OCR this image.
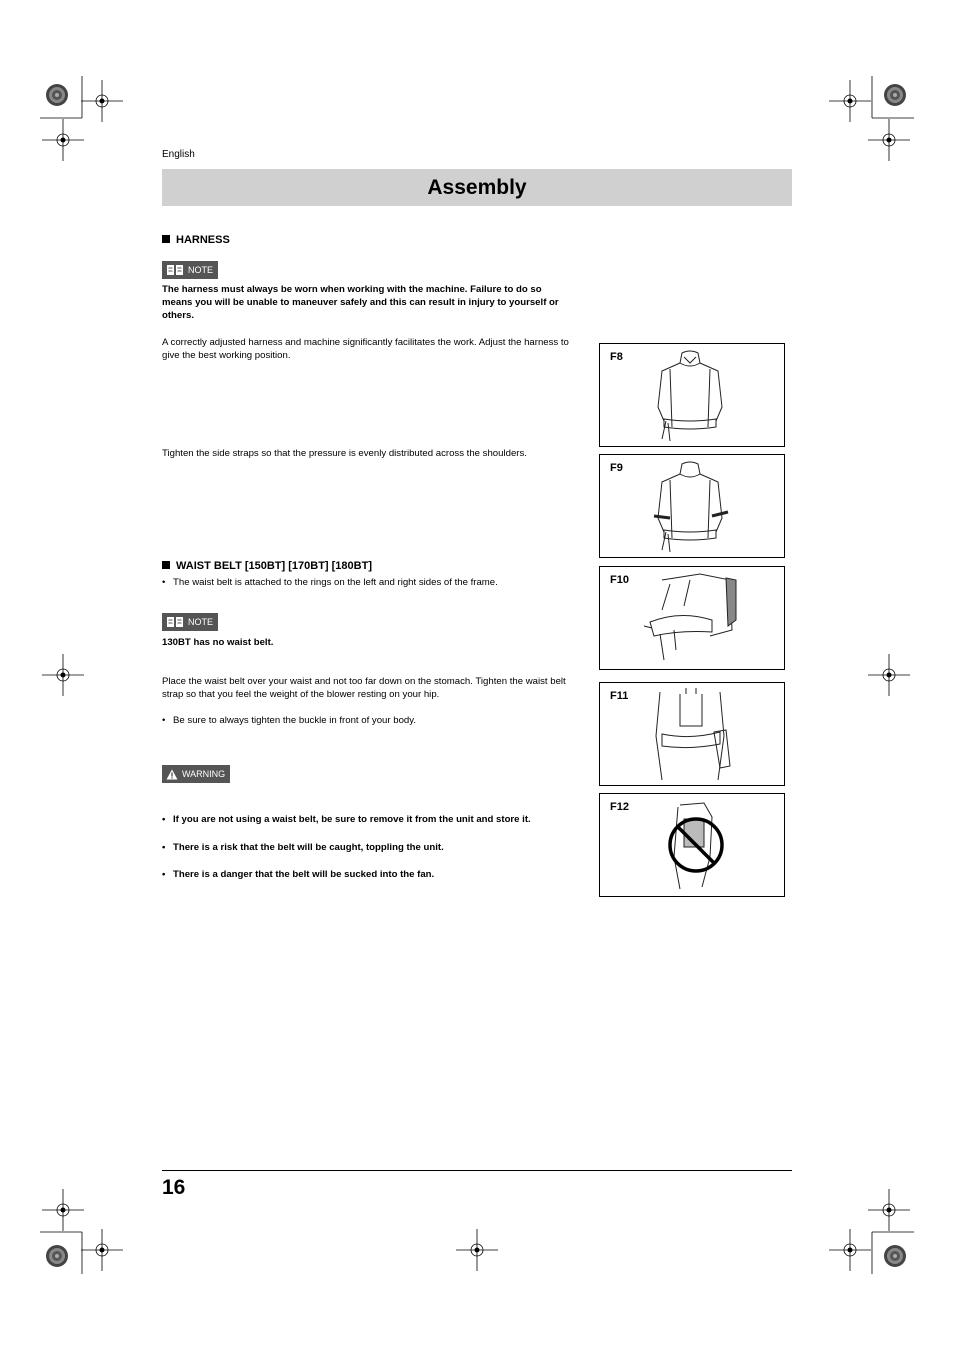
English
Assembly
HARNESS
NOTE
The harness must always be worn when working with the machine. Failure to do so means you will be unable to maneuver safely and this can result in injury to yourself or others.
A correctly adjusted harness and machine significantly facilitates the work. Adjust the harness to give the best working position.
Tighten the side straps so that the pressure is evenly distributed across the shoulders.
WAIST BELT [150BT] [170BT] [180BT]
• The waist belt is attached to the rings on the left and right sides of the frame.
NOTE
130BT has no waist belt.
Place the waist belt over your waist and not too far down on the stomach. Tighten the waist belt strap so that you feel the weight of the blower resting on your hip.
• Be sure to always tighten the buckle in front of your body.
WARNING
• If you are not using a waist belt, be sure to remove it from the unit and store it.
• There is a risk that the belt will be caught, toppling the unit.
• There is a danger that the belt will be sucked into the fan.
F8
F9
F10
F11
F12
16
